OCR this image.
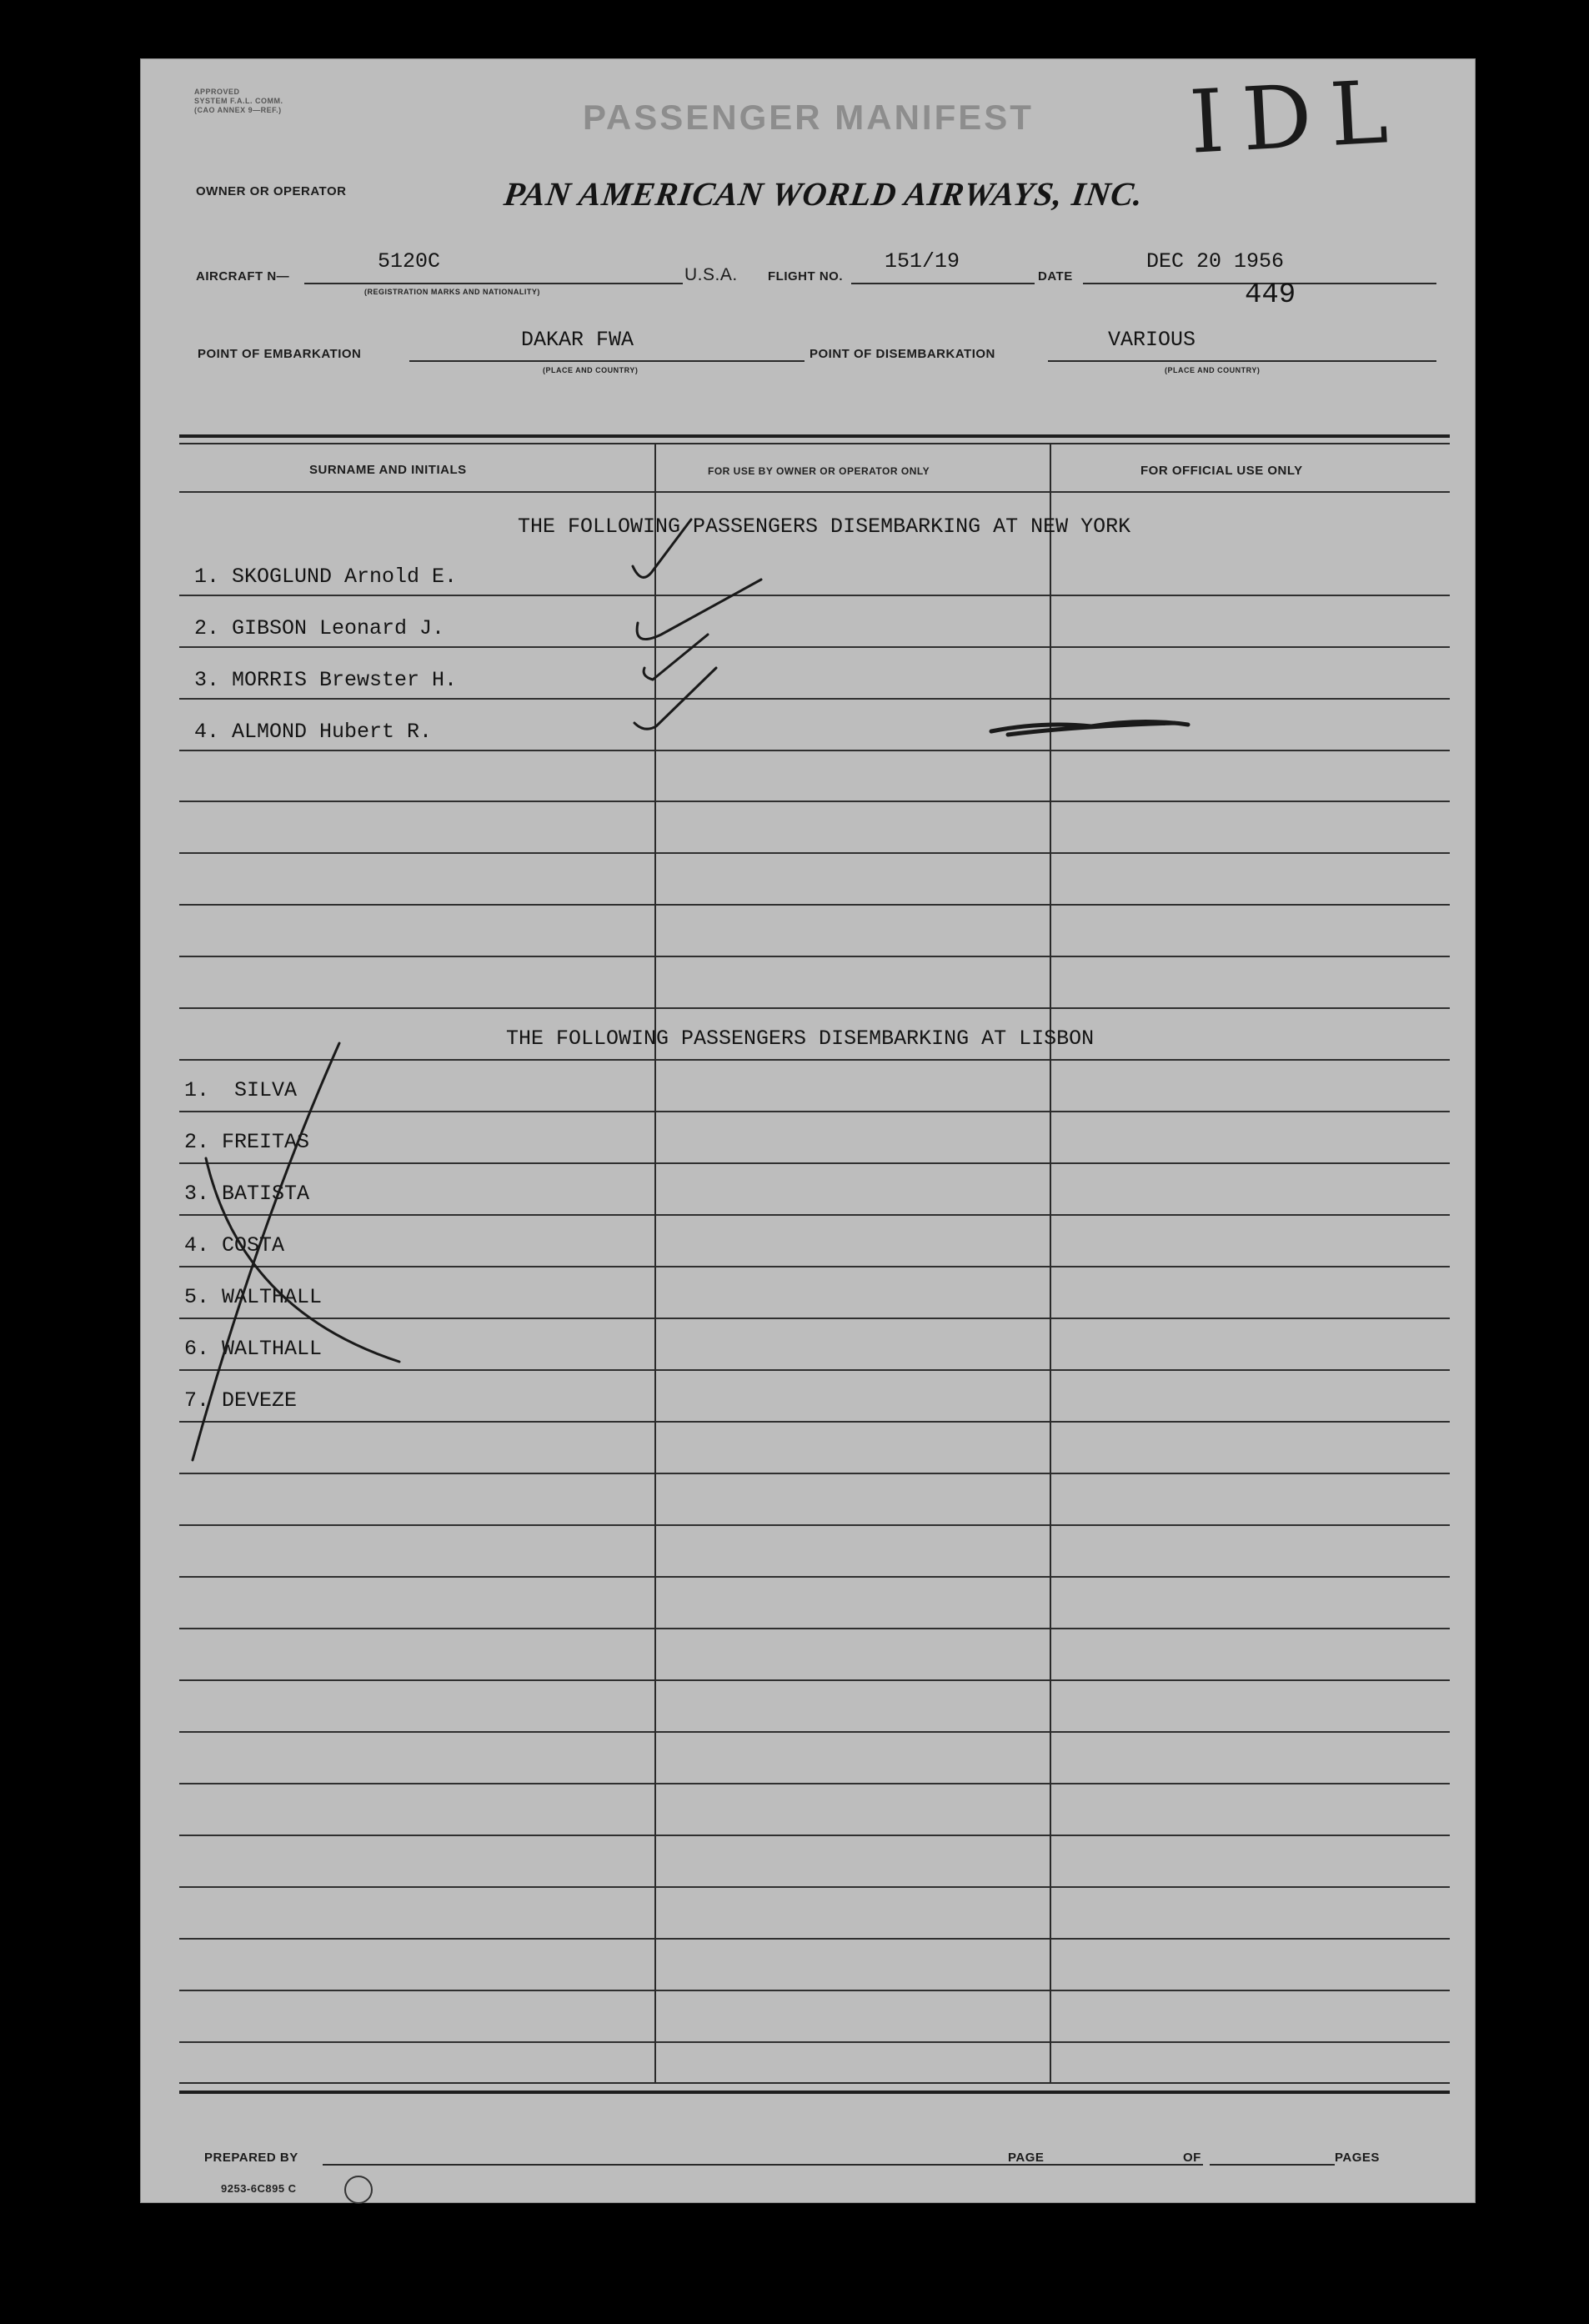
APPROVED
SYSTEM F.A.L. COMM.
(CAO ANNEX 9—REF.)	PASSENGER MANIFEST IDL
OWNER OR OPERATOR	PAN AMERICAN WORLD AIRWAYS, INC.
AIRCRAFT N—
5120C
(REGISTRATION MARKS AND NATIONALITY)
U.S.A. FLIGHT NO.
151/19
DATE
DEC 20 1956
449
POINT OF EMBARKATION
DAKAR FWA
(PLACE AND COUNTRY)
POINT OF DISEMBARKATION
VARIOUS
(PLACE AND COUNTRY)
SURNAME AND INITIALS	FOR USE BY OWNER OR OPERATOR ONLY	FOR OFFICIAL USE ONLY
THE FOLLOWING PASSENGERS DISEMBARKING AT NEW YORK
THE FOLLOWING PASSENGERS DISEMBARKING AT LISBON
1. SKOGLUND Arnold E.
2. GIBSON Leonard J.
3. MORRIS Brewster H.
4. ALMOND Hubert R.
1.  SILVA
2. FREITAS
3. BATISTA
4. COSTA
5. WALTHALL
6. WALTHALL
7. DEVEZE
PREPARED BY	PAGE	OF	PAGES
9253-6C895 C
